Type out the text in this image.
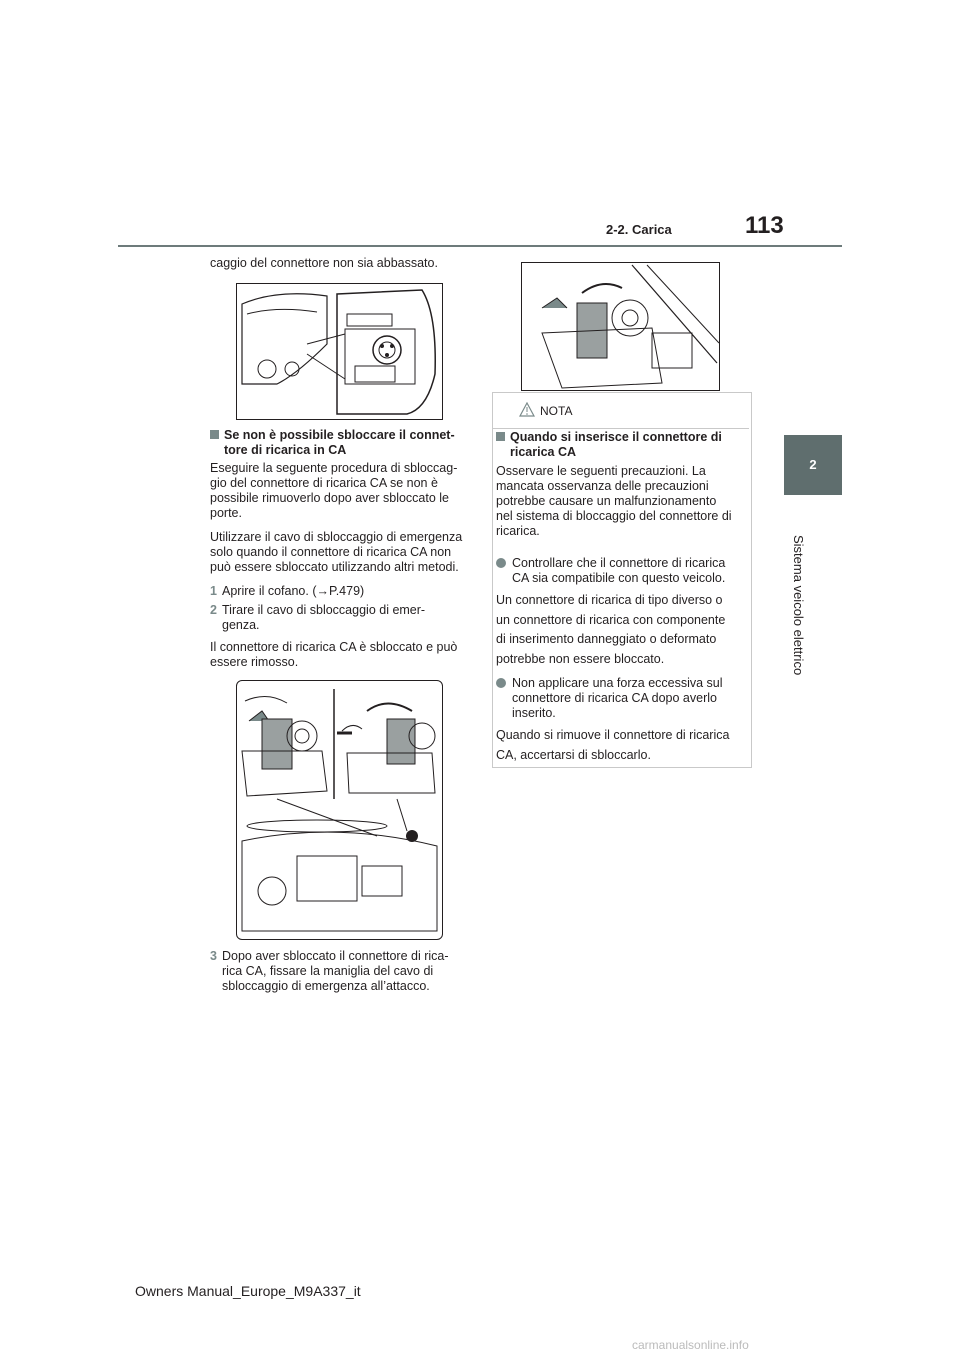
2-2. Carica	113
2
Sistema veicolo elettrico
caggio del connettore non sia abbassato.
Se non è possibile sbloccare il connet-
tore di ricarica in CA
Eseguire la seguente procedura di sbloccag-
gio del connettore di ricarica CA se non è
possibile rimuoverlo dopo aver sbloccato le
porte.
Utilizzare il cavo di sbloccaggio di emergenza
solo quando il connettore di ricarica CA non
può essere sbloccato utilizzando altri metodi.
1 Aprire il cofano. (→P.479)
2 Tirare il cavo di sbloccaggio di emer-
genza.
Il connettore di ricarica CA è sbloccato e può
essere rimosso.
3 Dopo aver sbloccato il connettore di rica-
rica CA, fissare la maniglia del cavo di
sbloccaggio di emergenza all’attacco.
NOTA
Quando si inserisce il connettore di
ricarica CA
Osservare le seguenti precauzioni. La
mancata osservanza delle precauzioni
potrebbe causare un malfunzionamento
nel sistema di bloccaggio del connettore di
ricarica.
Controllare che il connettore di ricarica
CA sia compatibile con questo veicolo.
Un connettore di ricarica di tipo diverso o
un connettore di ricarica con componente
di inserimento danneggiato o deformato
potrebbe non essere bloccato.
Non applicare una forza eccessiva sul
connettore di ricarica CA dopo averlo
inserito.
Quando si rimuove il connettore di ricarica
CA, accertarsi di sbloccarlo.
Owners Manual_Europe_M9A337_it
carmanualsonline.info
